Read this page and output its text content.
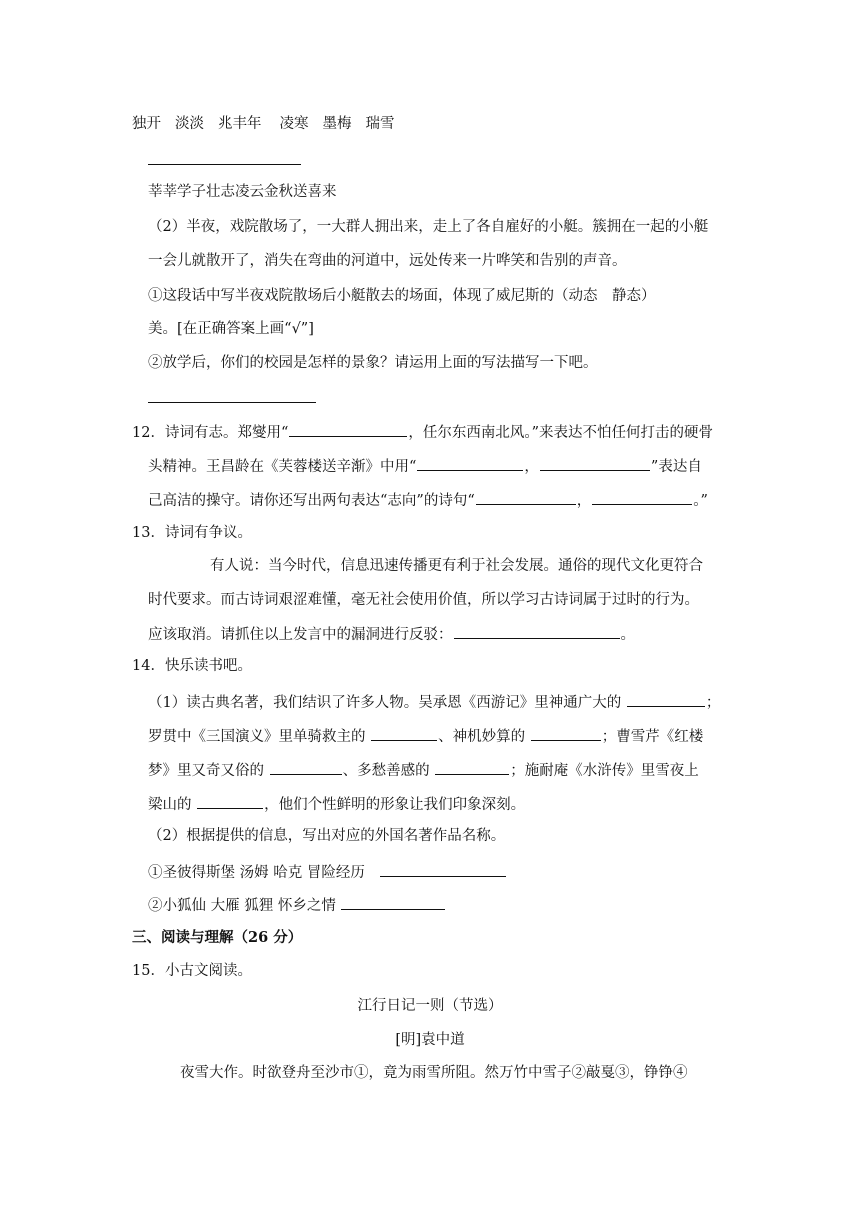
独开 淡淡 兆丰年 凌寒 墨梅 瑞雪
莘莘学子壮志凌云金秋送喜来
（2）半夜，戏院散场了，一大群人拥出来，走上了各自雇好的小艇。簇拥在一起的小艇
一会儿就散开了，消失在弯曲的河道中，远处传来一片哗笑和告别的声音。
①这段话中写半夜戏院散场后小艇散去的场面，体现了威尼斯的（动态　静态）
美。[在正确答案上画“√”]
②放学后，你们的校园是怎样的景象？请运用上面的写法描写一下吧。
12．诗词有志。郑燮用“	，任尔东西南北风。”来表达不怕任何打击的硬骨
头精神。王昌龄在《芙蓉楼送辛渐》中用“	，	”表达自
己高洁的操守。请你还写出两句表达“志向”的诗句“	，	。”
13．诗词有争议。
有人说：当今时代，信息迅速传播更有利于社会发展。通俗的现代文化更符合
时代要求。而古诗词艰涩难懂，毫无社会使用价值，所以学习古诗词属于过时的行为。
应该取消。请抓住以上发言中的漏洞进行反驳：	。
14．快乐读书吧。
（1）读古典名著，我们结识了许多人物。吴承恩《西游记》里神通广大的	；
罗贯中《三国演义》里单骑救主的	、神机妙算的	；曹雪芹《红楼
梦》里又奇又俗的	、多愁善感的	；施耐庵《水浒传》里雪夜上
梁山的	，他们个性鲜明的形象让我们印象深刻。
（2）根据提供的信息，写出对应的外国名著作品名称。
①圣彼得斯堡 汤姆 哈克 冒险经历　
②小狐仙 大雁 狐狸 怀乡之情
三、阅读与理解（26 分）
15．小古文阅读。
江行日记一则（节选）
[明]袁中道
夜雪大作。时欲登舟至沙市①，竟为雨雪所阻。然万竹中雪子②敲戛③，铮铮④
